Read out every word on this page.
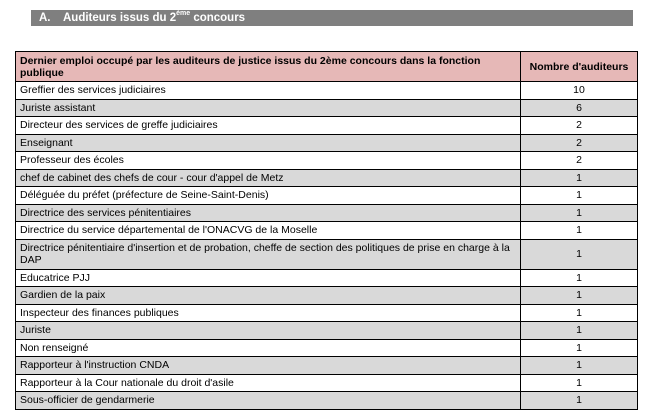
A. Auditeurs issus du 2ème concours
Dernier emploi occupé par les auditeurs de justice issus du 2ème concours dans la fonction publique	Nombre d'auditeurs
Greffier des services judiciaires	10
Juriste assistant	6
Directeur des services de greffe judiciaires	2
Enseignant	2
Professeur des écoles	2
chef de cabinet des chefs de cour - cour d'appel de Metz	1
Déléguée du préfet (préfecture de Seine-Saint-Denis)	1
Directrice des services pénitentiaires	1
Directrice du service départemental de l'ONACVG de la Moselle	1
Directrice pénitentiaire d'insertion et de probation, cheffe de section des politiques de prise en charge à la DAP	1
Educatrice PJJ	1
Gardien de la paix	1
Inspecteur des finances publiques	1
Juriste	1
Non renseigné	1
Rapporteur à l'instruction CNDA	1
Rapporteur à la Cour nationale du droit d'asile	1
Sous-officier de gendarmerie	1
